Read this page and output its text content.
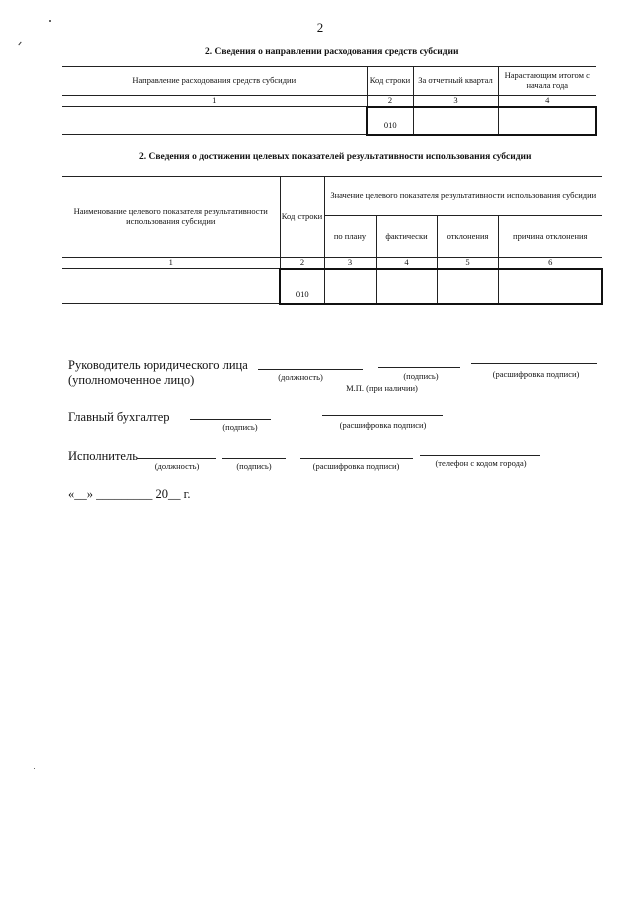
2
2. Сведения о направлении расходования средств субсидии
Направление расходования средств субсидии	Код строки	За отчетный квартал	Нарастающим итогом с начала года
1	2	3	4
	010		
2. Сведения о достижении целевых показателей результативности использования субсидии
Наименование целевого показателя результативности использования субсидии	Код строки	Значение целевого показателя результативности использования субсидии			
		по плану	фактически	отклонения	причина отклонения
1	2	3	4	5	6
	010				
Руководитель юридического лица
(уполномоченное лицо)	(должность)	(подпись)	(расшифровка подписи)
М.П. (при наличии)
Главный бухгалтер
(подпись)	(расшифровка подписи)
Исполнитель
(должность)	(подпись)	(расшифровка подписи)	(телефон с кодом города)
«__» _________ 20__ г.
